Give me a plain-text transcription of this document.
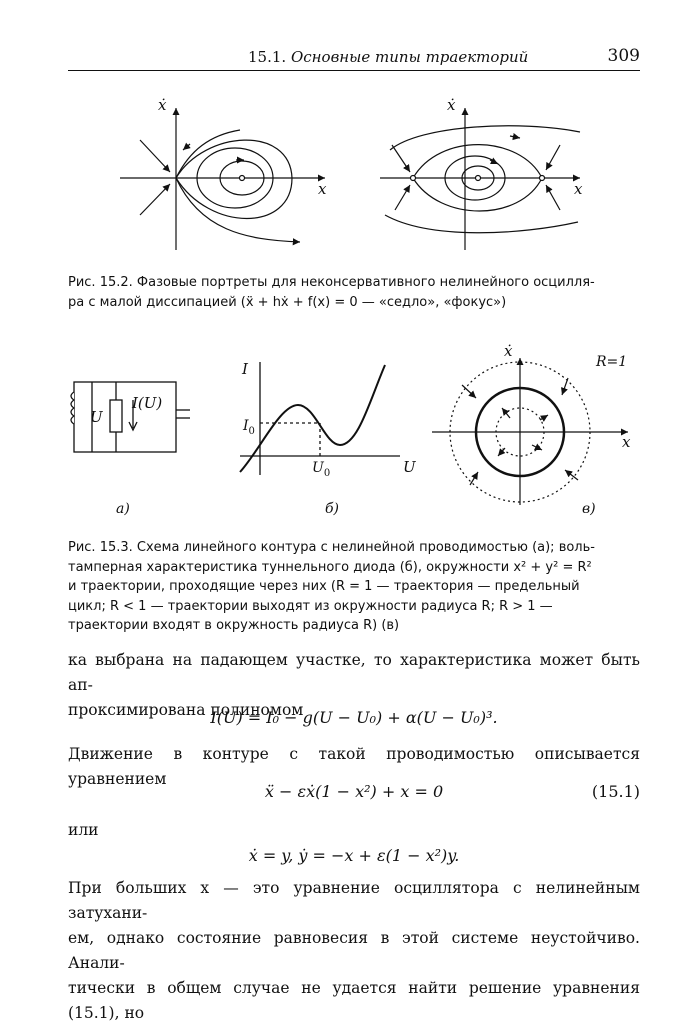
15.1. Основные типы траекторий	309
ẋ
x
ẋ
x
Рис. 15.2. Фазовые портреты для неконсервативного нелинейного осцилля-
ра с малой диссипацией (ẍ + hẋ + f(x) = 0 — «седло», «фокус»)
U
I(U)
а)
I
U
$I_0$
$U_0$
б)
ẋ
x
R=1
в)
Рис. 15.3. Схема линейного контура с нелинейной проводимостью (а); воль-
тамперная характеристика туннельного диода (б), окружности x² + y² = R²
и траектории, проходящие через них (R = 1 — траектория — предельный
цикл; R < 1 — траектории выходят из окружности радиуса R; R > 1 —
траектории входят в окружность радиуса R) (в)
ка выбрана на падающем участке, то характеристика может быть ап-
проксимирована полиномом
I(U) = I₀ − g(U − U₀) + α(U − U₀)³.
Движение в контуре с такой проводимостью описывается уравнением
ẍ − εẋ(1 − x²) + x = 0	(15.1)
или
ẋ = y, ẏ = −x + ε(1 − x²)y.
При больших x — это уравнение осциллятора с нелинейным затухани-
ем, однако состояние равновесия в этой системе неустойчиво. Анали-
тически в общем случае не удается найти решение уравнения (15.1), но
